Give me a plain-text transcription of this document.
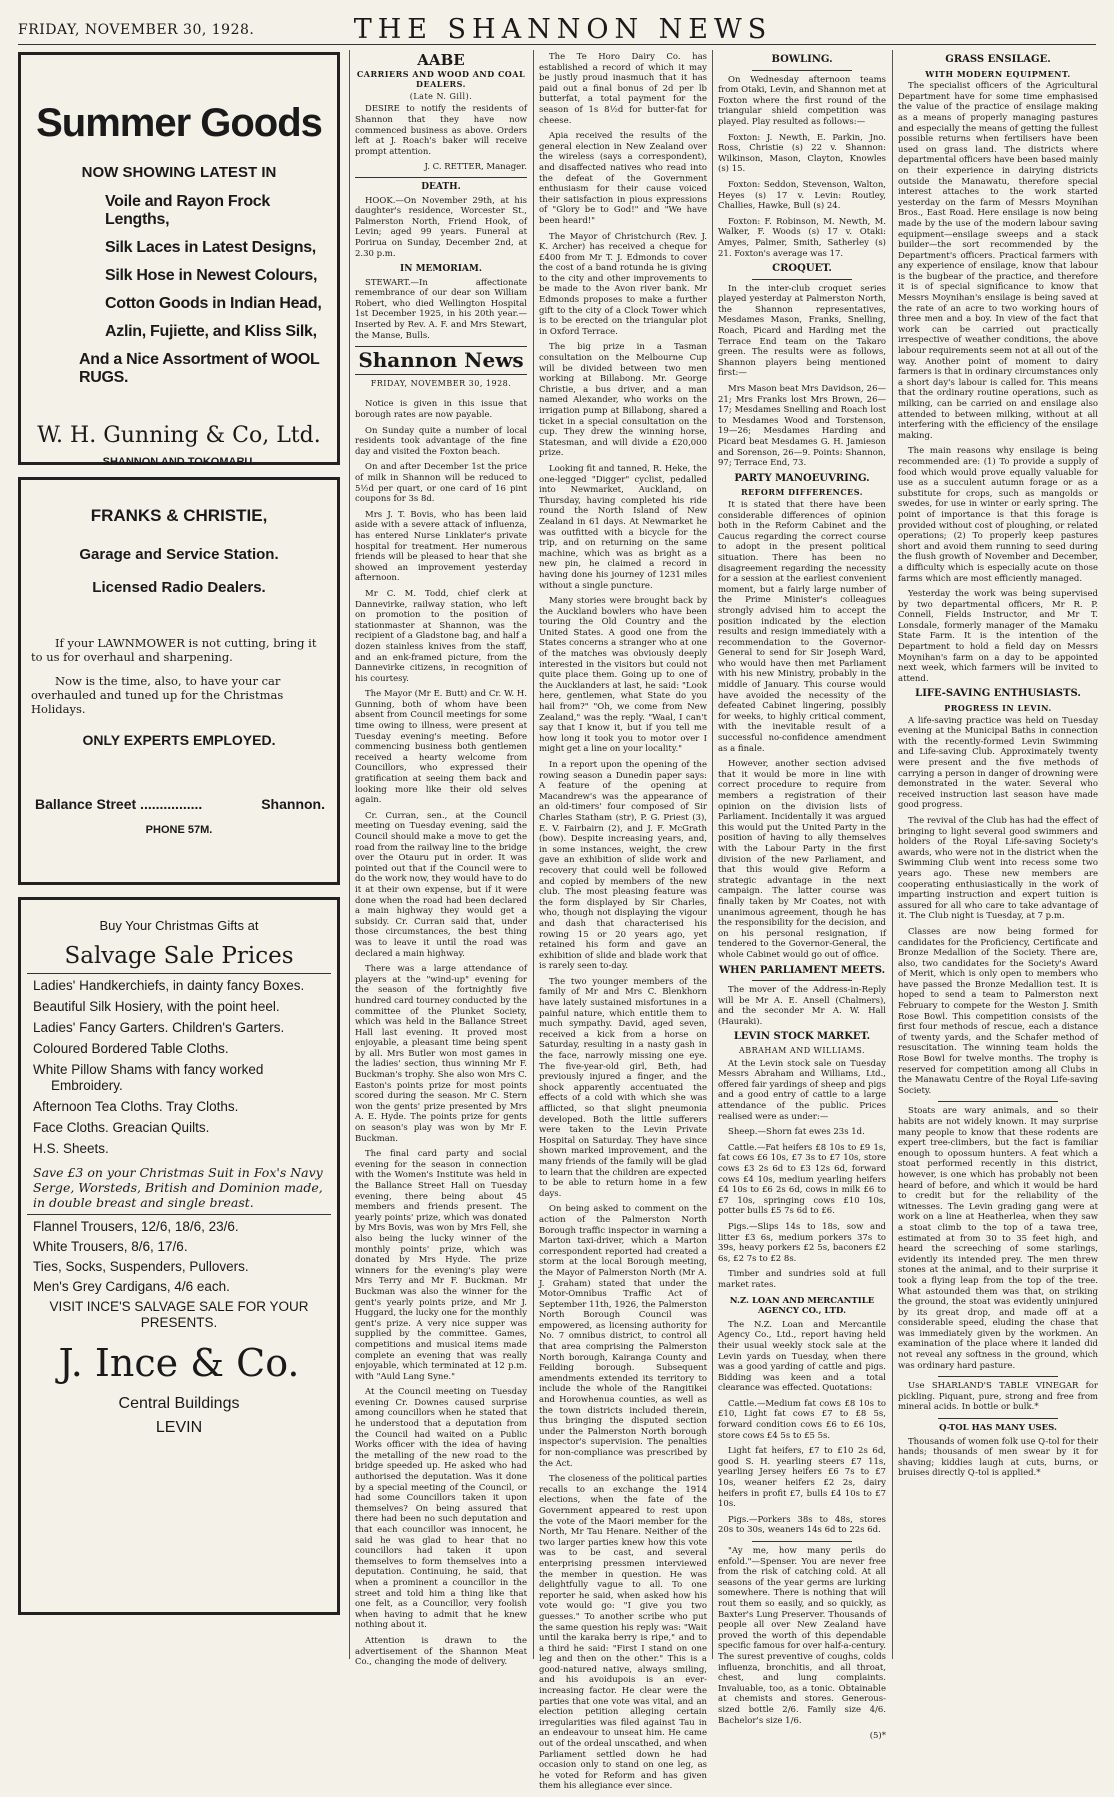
FRIDAY, NOVEMBER 30, 1928.	THE SHANNON NEWS
Summer Goods
NOW SHOWING LATEST IN
Voile and Rayon Frock Lengths,
Silk Laces in Latest Designs,
Silk Hose in Newest Colours,
Cotton Goods in Indian Head,
Azlin, Fujiette, and Kliss Silk,
And a Nice Assortment of WOOL RUGS.
W. H. Gunning & Co, Ltd.
SHANNON AND TOKOMARU.
FRANKS & CHRISTIE,
Garage and Service Station.
Licensed Radio Dealers.
If your LAWNMOWER is not cutting, bring it to us for overhaul and sharpening.
Now is the time, also, to have your car overhauled and tuned up for the Christmas Holidays.
ONLY EXPERTS EMPLOYED.
Ballance Street ................	Shannon.
PHONE 57M.
Buy Your Christmas Gifts at
Salvage Sale Prices
Ladies' Handkerchiefs, in dainty fancy Boxes.
Beautiful Silk Hosiery, with the point heel.
Ladies' Fancy Garters. Children's Garters.
Coloured Bordered Table Cloths.
White Pillow Shams with fancy worked Embroidery.
Afternoon Tea Cloths. Tray Cloths.
Face Cloths. Greacian Quilts.
H.S. Sheets.
Save £3 on your Christmas Suit in Fox's Navy Serge, Worsteds, British and Dominion made, in double breast and single breast.
Flannel Trousers, 12/6, 18/6, 23/6.
White Trousers, 8/6, 17/6.
Ties, Socks, Suspenders, Pullovers.
Men's Grey Cardigans, 4/6 each.
VISIT INCE'S SALVAGE SALE FOR YOUR PRESENTS.
J. Ince & Co.
Central Buildings
LEVIN
AABE
CARRIERS AND WOOD AND COAL DEALERS.
(Late N. Gill).

DESIRE to notify the residents of Shannon that they have now commenced business as above. Orders left at J. Roach's baker will receive prompt attention.

J. C. RETTER, Manager.
DEATH.

HOOK.—On November 29th, at his daughter's residence, Worcester St., Palmerston North, Friend Hook, of Levin; aged 99 years. Funeral at Porirua on Sunday, December 2nd, at 2.30 p.m.

IN MEMORIAM.

STEWART.—In affectionate remembrance of our dear son William Robert, who died Wellington Hospital 1st December 1925, in his 20th year.—Inserted by Rev. A. F. and Mrs Stewart, the Manse, Bulls.

Shannon News
FRIDAY, NOVEMBER 30, 1928.

Notice is given in this issue that borough rates are now payable.

On Sunday quite a number of local residents took advantage of the fine day and visited the Foxton beach.

On and after December 1st the price of milk in Shannon will be reduced to 5½d per quart, or one card of 16 pint coupons for 3s 8d.

Mrs J. T. Bovis, who has been laid aside with a severe attack of influenza, has entered Nurse Linklater's private hospital for treatment. Her numerous friends will be pleased to hear that she showed an improvement yesterday afternoon.

Mr C. M. Todd, chief clerk at Dannevirke, railway station, who left on promotion to the position of stationmaster at Shannon, was the recipient of a Gladstone bag, and half a dozen stainless knives from the staff, and an enk-framed picture, from the Dannevirke citizens, in recognition of his courtesy.

The Mayor (Mr E. Butt) and Cr. W. H. Gunning, both of whom have been absent from Council meetings for some time owing to illness, were present at Tuesday evening's meeting. Before commencing business both gentlemen received a hearty welcome from Councillors, who expressed their gratification at seeing them back and looking more like their old selves again.

Cr. Curran, sen., at the Council meeting on Tuesday evening, said the Council should make a move to get the road from the railway line to the bridge over the Otauru put in order. It was pointed out that if the Council were to do the work now, they would have to do it at their own expense, but if it were done when the road had been declared a main highway they would get a subsidy. Cr. Curran said that, under those circumstances, the best thing was to leave it until the road was declared a main highway.

There was a large attendance of players at the "wind-up" evening for the season of the fortnightly five hundred card tourney conducted by the committee of the Plunket Society, which was held in the Ballance Street Hall last evening. It proved most enjoyable, a pleasant time being spent by all. Mrs Butler won most games in the ladies' section, thus winning Mr F. Buckman's trophy. She also won Mrs C. Easton's points prize for most points scored during the season. Mr C. Stern won the gents' prize presented by Mrs A. E. Hyde. The points prize for gents on season's play was won by Mr F. Buckman.

The final card party and social evening for the season in connection with the Women's Institute was held in the Ballance Street Hall on Tuesday evening, there being about 45 members and friends present. The yearly points' prize, which was donated by Mrs Bovis, was won by Mrs Fell, she also being the lucky winner of the monthly points' prize, which was donated by Mrs Hyde. The prize winners for the evening's play were Mrs Terry and Mr F. Buckman. Mr Buckman was also the winner for the gent's yearly points prize, and Mr J. Huggard, the lucky one for the monthly gent's prize. A very nice supper was supplied by the committee. Games, competitions and musical items made complete an evening that was really enjoyable, which terminated at 12 p.m. with "Auld Lang Syne."

At the Council meeting on Tuesday evening Cr. Downes caused surprise among councillors when he stated that he understood that a deputation from the Council had waited on a Public Works officer with the idea of having the metalling of the new road to the bridge speeded up. He asked who had authorised the deputation. Was it done by a special meeting of the Council, or had some Councillors taken it upon themselves? On being assured that there had been no such deputation and that each councillor was innocent, he said he was glad to hear that no councillors had taken it upon themselves to form themselves into a deputation. Continuing, he said, that when a prominent a councillor in the street and told him a thing like that one felt, as a Councillor, very foolish when having to admit that he knew nothing about it.

Attention is drawn to the advertisement of the Shannon Meat Co., changing the mode of delivery.

The Te Horo Dairy Co. has established a record of which it may be justly proud inasmuch that it has paid out a final bonus of 2d per lb butterfat, a total payment for the season of 1s 8½d for butter-fat for cheese.

Apia received the results of the general election in New Zealand over the wireless (says a correspondent), and disaffected natives who read into the defeat of the Government enthusiasm for their cause voiced their satisfaction in pious expressions of "Glory be to God!" and "We have been heard!"

The Mayor of Christchurch (Rev. J. K. Archer) has received a cheque for £400 from Mr T. J. Edmonds to cover the cost of a band rotunda he is giving to the city and other improvements to be made to the Avon river bank. Mr Edmonds proposes to make a further gift to the city of a Clock Tower which is to be erected on the triangular plot in Oxford Terrace.

The big prize in a Tasman consultation on the Melbourne Cup will be divided between two men working at Billabong. Mr. George Christie, a bus driver, and a man named Alexander, who works on the irrigation pump at Billabong, shared a ticket in a special consultation on the cup. They drew the winning horse, Statesman, and will divide a £20,000 prize.

Looking fit and tanned, R. Heke, the one-legged "Digger" cyclist, pedalled into Newmarket, Auckland, on Thursday, having completed his ride round the North Island of New Zealand in 61 days. At Newmarket he was outfitted with a bicycle for the trip, and on returning on the same machine, which was as bright as a new pin, he claimed a record in having done his journey of 1231 miles without a single puncture.

Many stories were brought back by the Auckland bowlers who have been touring the Old Country and the United States. A good one from the States concerns a stranger who at one of the matches was obviously deeply interested in the visitors but could not quite place them. Going up to one of the Aucklanders at last, he said: "Look here, gentlemen, what State do you hail from?" "Oh, we come from New Zealand," was the reply. "Waal, I can't say that I know it, but if you tell me how long it took you to motor over I might get a line on your locality."

In a report upon the opening of the rowing season a Dunedin paper says: A feature of the opening at Macandrew's was the appearance of an old-timers' four composed of Sir Charles Statham (str), P. G. Priest (3), E. V. Fairbairn (2), and J. F. McGrath (bow). Despite increasing years, and, in some instances, weight, the crew gave an exhibition of slide work and recovery that could well be followed and copied by members of the new club. The most pleasing feature was the form displayed by Sir Charles, who, though not displaying the vigour and dash that characterised his rowing 15 or 20 years ago, yet retained his form and gave an exhibition of slide and blade work that is rarely seen to-day.

The two younger members of the family of Mr and Mrs C. Blenkhorn have lately sustained misfortunes in a painful nature, which entitle them to much sympathy. David, aged seven, received a kick from a horse on Saturday, resulting in a nasty gash in the face, narrowly missing one eye. The five-year-old girl, Beth, had previously injured a finger, and the shock apparently accentuated the effects of a cold with which she was afflicted, so that slight pneumonia developed. Both the little sufferers were taken to the Levin Private Hospital on Saturday. They have since shown marked improvement, and the many friends of the family will be glad to learn that the children are expected to be able to return home in a few days.

On being asked to comment on the action of the Palmerston North Borough traffic inspector in warning a Marton taxi-driver, which a Marton correspondent reported had created a storm at the local Borough meeting, the Mayor of Palmerston North (Mr A. J. Graham) stated that under the Motor-Omnibus Traffic Act of September 11th, 1926, the Palmerston North Borough Council was empowered, as licensing authority for No. 7 omnibus district, to control all that area comprising the Palmerston North borough, Kairanga County and Feilding borough. Subsequent amendments extended its territory to include the whole of the Rangitikei and Horowhenua counties, as well as the town districts included therein, thus bringing the disputed section under the Palmerston North borough inspector's supervision. The penalties for non-compliance was prescribed by the Act.

The closeness of the political parties recalls to an exchange the 1914 elections, when the fate of the Government appeared to rest upon the vote of the Maori member for the North, Mr Tau Henare. Neither of the two larger parties knew how this vote was to be cast, and several enterprising pressmen interviewed the member in question. He was delightfully vague to all. To one reporter he said, when asked how his vote would go: "I give you two guesses." To another scribe who put the same question his reply was: "Wait until the karaka berry is ripe," and to a third he said: "First I stand on one leg and then on the other." This is a good-natured native, always smiling, and his avoidupois is an ever-increasing factor. He clear were the parties that one vote was vital, and an election petition alleging certain irregularities was filed against Tau in an endeavour to unseat him. He came out of the ordeal unscathed, and when Parliament settled down he had occasion only to stand on one leg, as he voted for Reform and has given them his allegiance ever since.

BOWLING.

On Wednesday afternoon teams from Otaki, Levin, and Shannon met at Foxton where the first round of the triangular shield competition was played. Play resulted as follows:—

Foxton: J. Newth, E. Parkin, Jno. Ross, Christie (s) 22 v. Shannon: Wilkinson, Mason, Clayton, Knowles (s) 15.

Foxton: Seddon, Stevenson, Walton, Heyes (s) 17 v. Levin: Routley, Challies, Hawke, Bull (s) 24.

Foxton: F. Robinson, M. Newth, M. Walker, F. Woods (s) 17 v. Otaki: Amyes, Palmer, Smith, Satherley (s) 21. Foxton's average was 17.

CROQUET.

In the inter-club croquet series played yesterday at Palmerston North, the Shannon representatives, Mesdames Mason, Franks, Snelling, Roach, Picard and Harding met the Terrace End team on the Takaro green. The results were as follows, Shannon players being mentioned first:—

Mrs Mason beat Mrs Davidson, 26—21; Mrs Franks lost Mrs Brown, 26—17; Mesdames Snelling and Roach lost to Mesdames Wood and Torstenson, 19—26; Mesdames Harding and Picard beat Mesdames G. H. Jamieson and Sorenson, 26—9. Points: Shannon, 97; Terrace End, 73.

PARTY MANOEUVRING.
REFORM DIFFERENCES.

It is stated that there have been considerable differences of opinion both in the Reform Cabinet and the Caucus regarding the correct course to adopt in the present political situation. There has been no disagreement regarding the necessity for a session at the earliest convenient moment, but a fairly large number of the Prime Minister's colleagues strongly advised him to accept the position indicated by the election results and resign immediately with a recommendation to the Governor-General to send for Sir Joseph Ward, who would have then met Parliament with his new Ministry, probably in the middle of January. This course would have avoided the necessity of the defeated Cabinet lingering, possibly for weeks, to highly critical comment, with the inevitable result of a successful no-confidence amendment as a finale.

However, another section advised that it would be more in line with correct procedure to require from members a registration of their opinion on the division lists of Parliament. Incidentally it was argued this would put the United Party in the position of having to ally themselves with the Labour Party in the first division of the new Parliament, and that this would give Reform a strategic advantage in the next campaign. The latter course was finally taken by Mr Coates, not with unanimous agreement, though he has the responsibility for the decision, and on his personal resignation, if tendered to the Governor-General, the whole Cabinet would go out of office.

WHEN PARLIAMENT MEETS.

The mover of the Address-in-Reply will be Mr A. E. Ansell (Chalmers), and the seconder Mr A. W. Hall (Hauraki).

LEVIN STOCK MARKET.
ABRAHAM AND WILLIAMS.

At the Levin stock sale on Tuesday Messrs Abraham and Williams, Ltd., offered fair yardings of sheep and pigs and a good entry of cattle to a large attendance of the public. Prices realised were as under:—

Sheep.—Shorn fat ewes 23s 1d.

Cattle.—Fat heifers £8 10s to £9 1s, fat cows £6 10s, £7 3s to £7 10s, store cows £3 2s 6d to £3 12s 6d, forward cows £4 10s, medium yearling heifers £4 10s to £6 2s 6d, cows in milk £6 to £7 10s, springing cows £10 10s, potter bulls £5 7s 6d to £6.

Pigs.—Slips 14s to 18s, sow and litter £3 6s, medium porkers 37s to 39s, heavy porkers £2 5s, baconers £2 6s, £2 7s to £2 8s.

Timber and sundries sold at full market rates.

N.Z. LOAN AND MERCANTILE AGENCY CO., LTD.

The N.Z. Loan and Mercantile Agency Co., Ltd., report having held their usual weekly stock sale at the Levin yards on Tuesday, when there was a good yarding of cattle and pigs. Bidding was keen and a total clearance was effected. Quotations:

Cattle.—Medium fat cows £8 10s to £10, Light fat cows £7 to £8 5s, forward condition cows £6 to £6 10s, store cows £4 5s to £5 5s.

Light fat heifers, £7 to £10 2s 6d, good S. H. yearling steers £7 11s, yearling Jersey heifers £6 7s to £7 10s, weaner heifers £2 2s, dairy heifers in profit £7, bulls £4 10s to £7 10s.

Pigs.—Porkers 38s to 48s, stores 20s to 30s, weaners 14s 6d to 22s 6d.

"Ay me, how many perils do enfold."—Spenser. You are never free from the risk of catching cold. At all seasons of the year germs are lurking somewhere. There is nothing that will rout them so easily, and so quickly, as Baxter's Lung Preserver. Thousands of people all over New Zealand have proved the worth of this dependable specific famous for over half-a-century. The surest preventive of coughs, colds influenza, bronchitis, and all throat, chest, and lung complaints. Invaluable, too, as a tonic. Obtainable at chemists and stores. Generous-sized bottle 2/6. Family size 4/6. Bachelor's size 1/6.

(5)*
GRASS ENSILAGE.
WITH MODERN EQUIPMENT.

The specialist officers of the Agricultural Department have for some time emphasised the value of the practice of ensilage making as a means of properly managing pastures and especially the means of getting the fullest possible returns when fertilisers have been used on grass land. The districts where departmental officers have been based mainly on their experience in dairying districts outside the Manawatu, therefore special interest attaches to the work started yesterday on the farm of Messrs Moynihan Bros., East Road. Here ensilage is now being made by the use of the modern labour saving equipment—ensilage sweeps and a stack builder—the sort recommended by the Department's officers. Practical farmers with any experience of ensilage, know that labour is the bugbear of the practice, and therefore it is of special significance to know that Messrs Moynihan's ensilage is being saved at the rate of an acre to two working hours of three men and a boy. In view of the fact that work can be carried out practically irrespective of weather conditions, the above labour requirements seem not at all out of the way. Another point of moment to dairy farmers is that in ordinary circumstances only a short day's labour is called for. This means that the ordinary routine operations, such as milking, can be carried on and ensilage also attended to between milking, without at all interfering with the efficiency of the ensilage making.

The main reasons why ensilage is being recommended are: (1) To provide a supply of food which would prove equally valuable for use as a succulent autumn forage or as a substitute for crops, such as mangolds or swedes, for use in winter or early spring. The point of importance is that this forage is provided without cost of ploughing, or related operations; (2) To properly keep pastures short and avoid them running to seed during the flush growth of November and December, a difficulty which is especially acute on those farms which are most efficiently managed.

Yesterday the work was being supervised by two departmental officers, Mr R. P. Connell, Fields Instructor, and Mr T. Lonsdale, formerly manager of the Mamaku State Farm. It is the intention of the Department to hold a field day on Messrs Moynihan's farm on a day to be appointed next week, which farmers will be invited to attend.

LIFE-SAVING ENTHUSIASTS.
PROGRESS IN LEVIN.

A life-saving practice was held on Tuesday evening at the Municipal Baths in connection with the recently-formed Levin Swimming and Life-saving Club. Approximately twenty were present and the five methods of carrying a person in danger of drowning were demonstrated in the water. Several who received instruction last season have made good progress.

The revival of the Club has had the effect of bringing to light several good swimmers and holders of the Royal Life-saving Society's awards, who were not in the district when the Swimming Club went into recess some two years ago. These new members are cooperating enthusiastically in the work of imparting instruction and expert tuition is assured for all who care to take advantage of it. The Club night is Tuesday, at 7 p.m.

Classes are now being formed for candidates for the Proficiency, Certificate and Bronze Medallion of the Society. There are, also, two candidates for the Society's Award of Merit, which is only open to members who have passed the Bronze Medallion test. It is hoped to send a team to Palmerston next February to compete for the Weston J. Smith Rose Bowl. This competition consists of the first four methods of rescue, each a distance of twenty yards, and the Schafer method of resuscitation. The winning team holds the Rose Bowl for twelve months. The trophy is reserved for competition among all Clubs in the Manawatu Centre of the Royal Life-saving Society.

Stoats are wary animals, and so their habits are not widely known. It may surprise many people to know that these rodents are expert tree-climbers, but the fact is familiar enough to opossum hunters. A feat which a stoat performed recently in this district, however, is one which has probably not been heard of before, and which it would be hard to credit but for the reliability of the witnesses. The Levin grading gang were at work on a line at Heatherlea, when they saw a stoat climb to the top of a tawa tree, estimated at from 30 to 35 feet high, and heard the screeching of some starlings, evidently its intended prey. The men threw stones at the animal, and to their surprise it took a flying leap from the top of the tree. What astounded them was that, on striking the ground, the stoat was evidently uninjured by its great drop, and made off at a considerable speed, eluding the chase that was immediately given by the workmen. An examination of the place where it landed did not reveal any softness in the ground, which was ordinary hard pasture.

Use SHARLAND'S TABLE VINEGAR for pickling. Piquant, pure, strong and free from mineral acids. In bottle or bulk.*

Q-TOL HAS MANY USES.

Thousands of women folk use Q-tol for their hands; thousands of men swear by it for shaving; kiddies laugh at cuts, burns, or bruises directly Q-tol is applied.*
